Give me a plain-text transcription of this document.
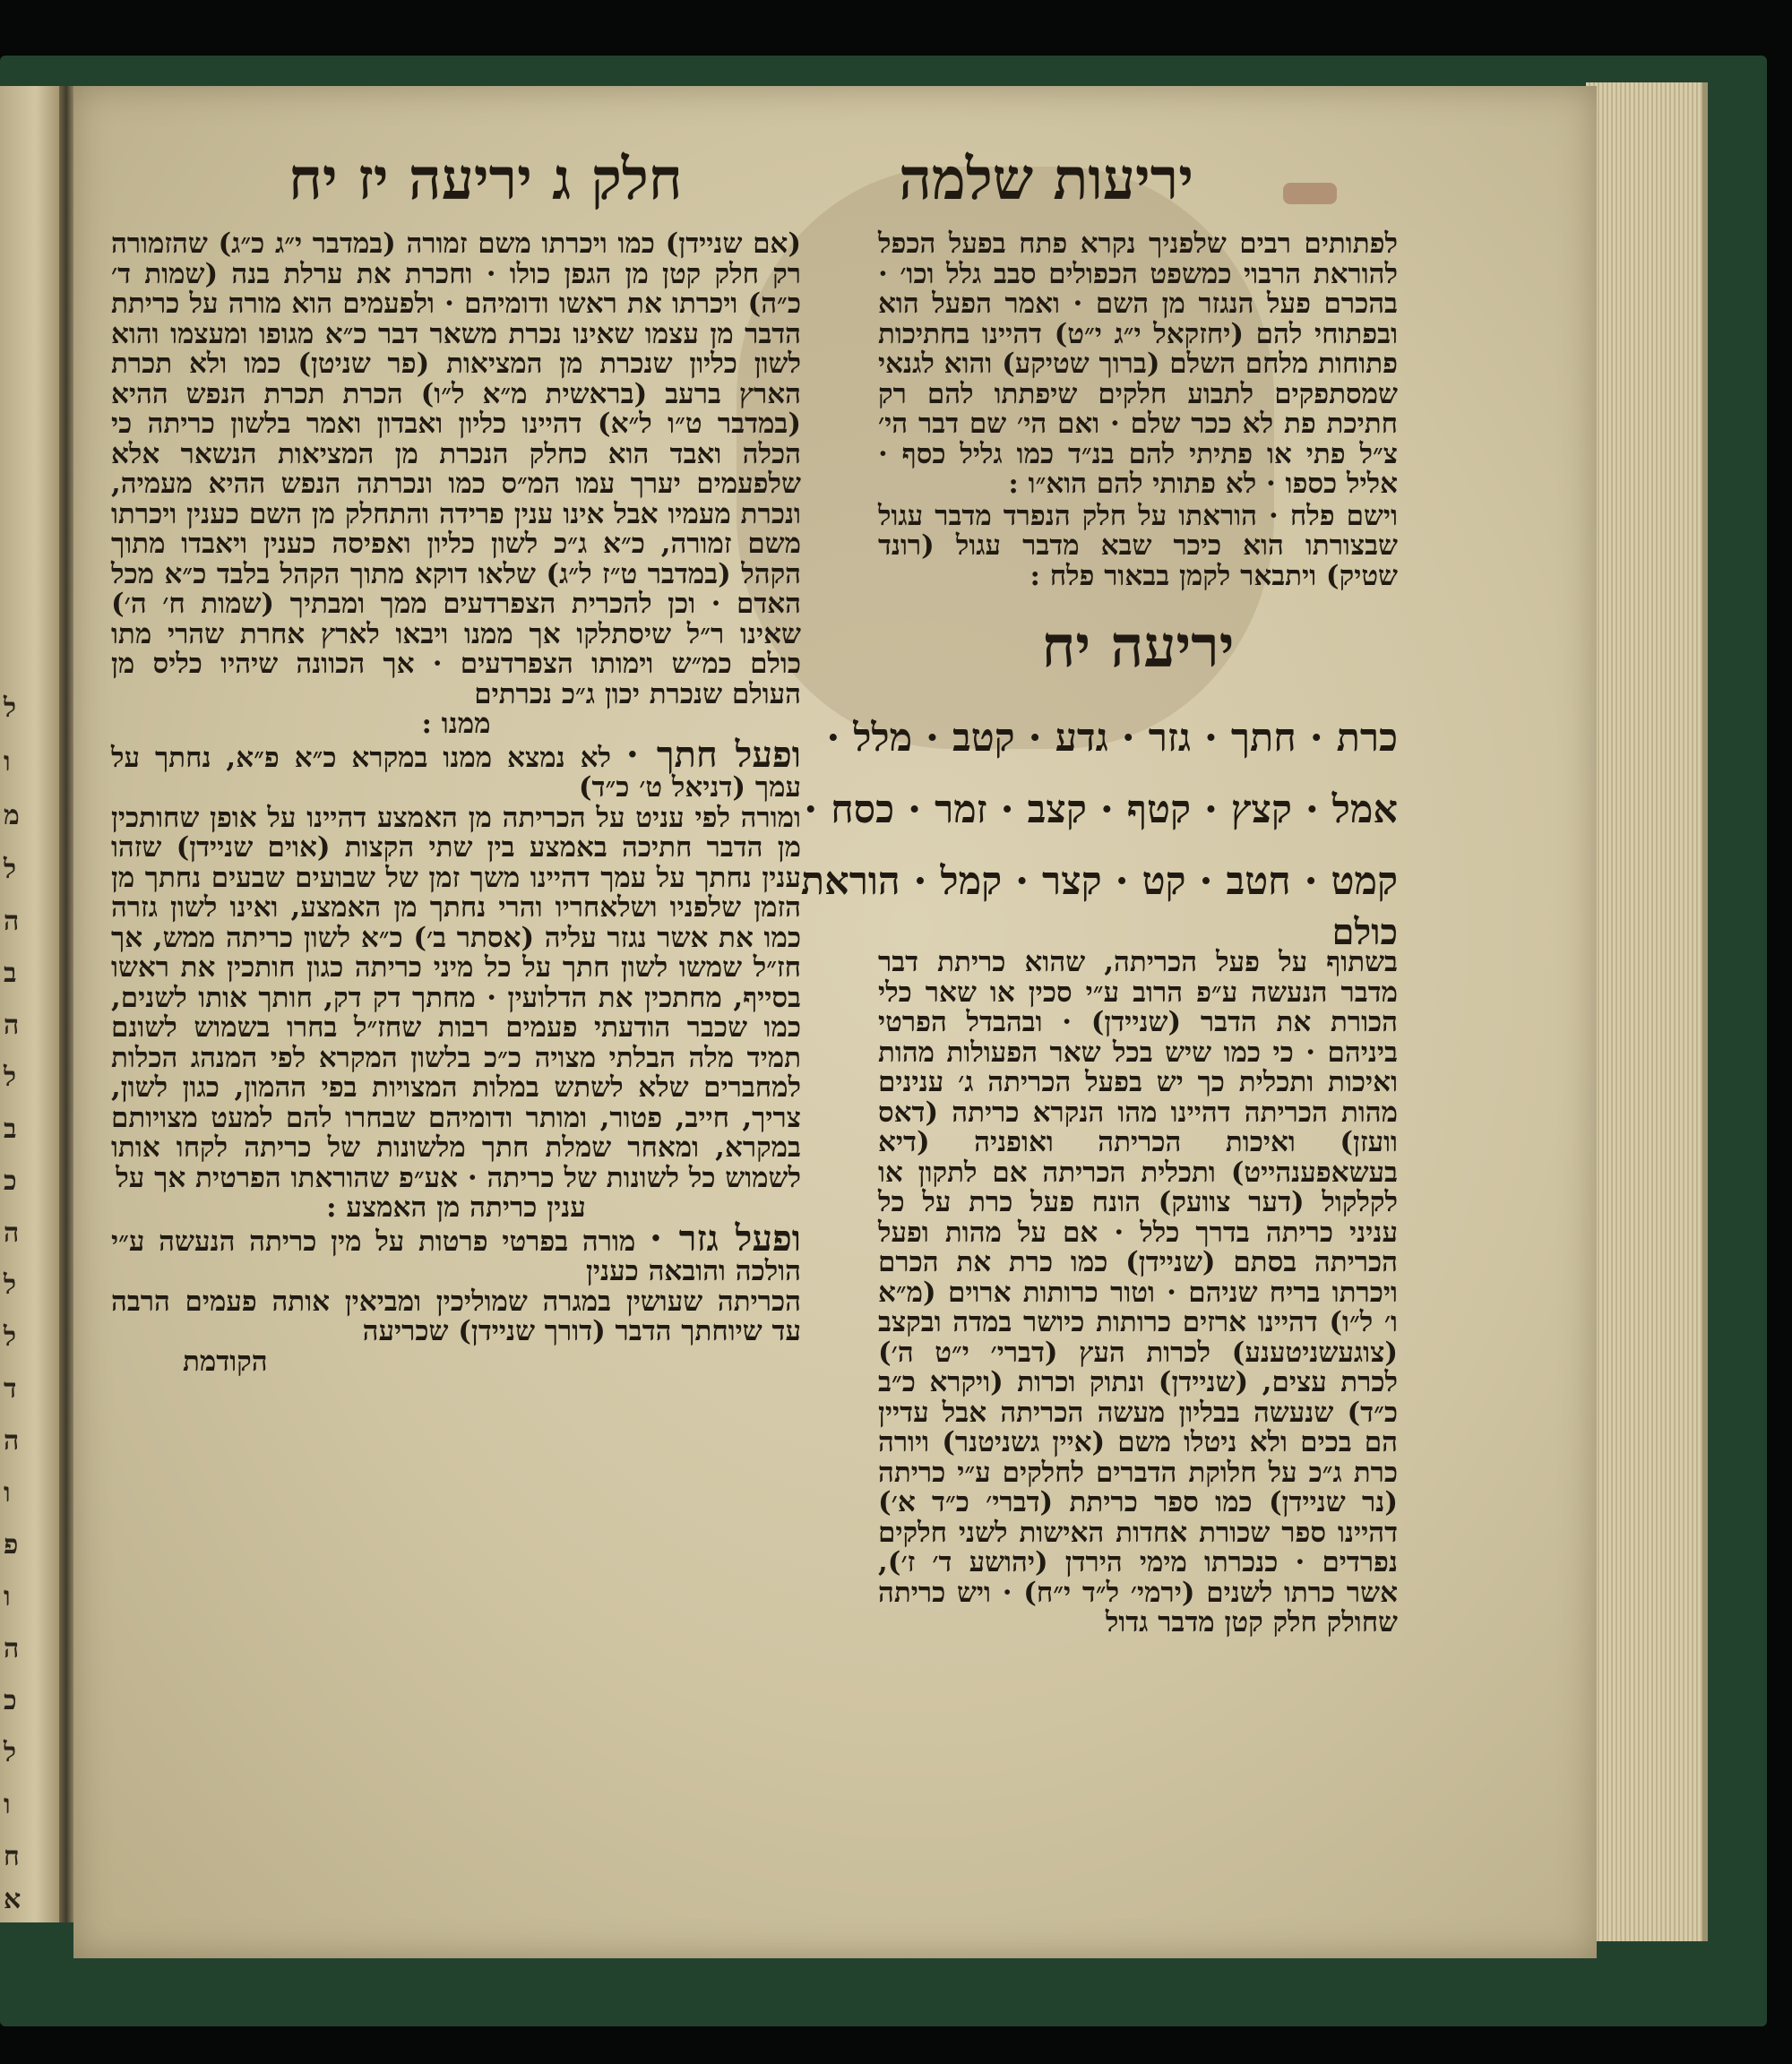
ל
ה
ב
ה
ל
ב
כ
ה
ל
ל
ד
ה
ו
פ
ו
ה
כ
ל
ו
ח
א
מ
ו
ל
יריעות שלמה
חלק ג יריעה יז יח

לפתותים רבים שלפניך נקרא פתח בפעל הכפל להוראת הרבוי כמשפט הכפולים סבב גלל וכו׳ · בהכרם פעל הנגזר מן השם · ואמר הפעל הוא ובפתוחי להם (יחזקאל י״ג י״ט) דהיינו בחתיכות פתוחות מלחם השלם (ברוך שטיקע) והוא לגנאי שמסתפקים לתבוע חלקים שיפתתו להם רק חתיכת פת לא ככר שלם · ואם הי׳ שם דבר הי׳ צ״ל פתי או פתיתי להם בנ״ד כמו גליל כסף · אליל כספו · לא פתותי להם הוא״ו :

וישם פלח · הוראתו על חלק הנפרד מדבר עגול שבצורתו הוא כיכר שבא מדבר עגול (רונד שטיק) ויתבאר לקמן בבאור פלח :

יריעה יח
כרת · חתך · גזר · גדע · קטב · מלל ·
אמל · קצץ · קטף · קצב · זמר · כסח ·
קמט · חטב · קט · קצר · קמל · הוראת

כולם

בשתוף על פעל הכריתה, שהוא כריתת דבר מדבר הנעשה ע״פ הרוב ע״י סכין או שאר כלי הכורת את הדבר (שניידן) · ובהבדל הפרטי ביניהם · כי כמו שיש בכל שאר הפעולות מהות ואיכות ותכלית כך יש בפעל הכריתה ג׳ ענינים מהות הכריתה דהיינו מהו הנקרא כריתה (דאס וועזן) ואיכות הכריתה ואופניה (דיא בעשאפענהייט) ותכלית הכריתה אם לתקון או לקלקול (דער צוועק) הונח פעל כרת על כל עניני כריתה בדרך כלל · אם על מהות ופעל הכריתה בסתם (שניידן) כמו כרת את הכרם ויכרתו בריח שניהם · וטור כרותות ארוים (מ״א ו׳ ל״ו) דהיינו ארזים כרותות כיושר במדה ובקצב (צוגעשניטענע) לכרות העץ (דברי׳ י״ט ה׳) לכרת עצים, (שניידן) ונתוק וכרות (ויקרא כ״ב כ״ד) שנעשה בבליון מעשה הכריתה אבל עדיין הם בכים ולא ניטלו משם (איין גשניטנר) ויורה כרת ג״כ על חלוקת הדברים לחלקים ע״י כריתה (נר שניידן) כמו ספר כריתת (דברי׳ כ״ד א׳) דהיינו ספר שכורת אחדות האישות לשני חלקים נפרדים · כנכרתו מימי הירדן (יהושע ד׳ ז׳), אשר כרתו לשנים (ירמי׳ ל״ד י״ח) · ויש כריתה שחולק חלק קטן מדבר גדול

(אם שניידן) כמו ויכרתו משם זמורה (במדבר י״ג כ״ג) שהזמורה רק חלק קטן מן הגפן כולו · וחכרת את ערלת בנה (שמות ד׳ כ״ה) ויכרתו את ראשו ודומיהם · ולפעמים הוא מורה על כריתת הדבר מן עצמו שאינו נכרת משאר דבר כ״א מגופו ומעצמו והוא לשון כליון שנכרת מן המציאות (פר שניטן) כמו ולא תכרת הארץ ברעב (בראשית מ״א ל״ו) הכרת תכרת הנפש ההיא (במדבר ט״ו ל״א) דהיינו כליון ואבדון ואמר בלשון כריתה כי הכלה ואבד הוא כחלק הנכרת מן המציאות הנשאר אלא שלפעמים יערך עמו המ״ס כמו ונכרתה הנפש ההיא מעמיה, ונכרת מעמיו אבל אינו ענין פרידה והתחלק מן השם כענין ויכרתו משם זמורה, כ״א ג״כ לשון כליון ואפיסה כענין ויאבדו מתוך הקהל (במדבר ט״ז ל״ג) שלאו דוקא מתוך הקהל בלבד כ״א מכל האדם · וכן להכרית הצפרדעים ממך ומבתיך (שמות ח׳ ה׳) שאינו ר״ל שיסתלקו אך ממנו ויבאו לארץ אחרת שהרי מתו כולם כמ״ש וימותו הצפרדעים · אך הכוונה שיהיו כליס מן העולם שנכרת יכון ג״כ נכרתים

ממנו :

ופעל חתך · לא נמצא ממנו במקרא כ״א פ״א, נחתך על עמך (דניאל ט׳ כ״ד)

ומורה לפי עניט על הכריתה מן האמצע דהיינו על אופן שחותכין מן הדבר חתיכה באמצע בין שתי הקצות (אוים שניידן) שזהו ענין נחתך על עמך דהיינו משך זמן של שבועים שבעים נחתך מן הזמן שלפניו ושלאחריו והרי נחתך מן האמצע, ואינו לשון גזרה כמו את אשר נגזר עליה (אסתר ב׳) כ״א לשון כריתה ממש, אך חז״ל שמשו לשון חתך על כל מיני כריתה כגון חותכין את ראשו בסייף, מחתכין את הדלועין · מחתך דק דק, חותך אותו לשנים, כמו שכבר הודעתי פעמים רבות שחז״ל בחרו בשמוש לשונם תמיד מלה הבלתי מצויה כ״כ בלשון המקרא לפי המנהג הכלות למחברים שלא לשתש במלות המצויות בפי ההמון, כגון לשון, צריך, חייב, פטור, ומותר ודומיהם שבחרו להם למעט מצויותם במקרא, ומאחר שמלת חתך מלשונות של כריתה לקחו אותו לשמוש כל לשונות של כריתה · אע״פ שהוראתו הפרטית אך על

ענין כריתה מן האמצע :

ופעל גזר · מורה בפרטי פרטות על מין כריתה הנעשה ע״י הולכה והובאה כענין

הכריתה שעושין במגרה שמוליכין ומביאין אותה פעמים הרבה עד שיוחתך הדבר (דורך שניידן) שכריעה

הקודמת
